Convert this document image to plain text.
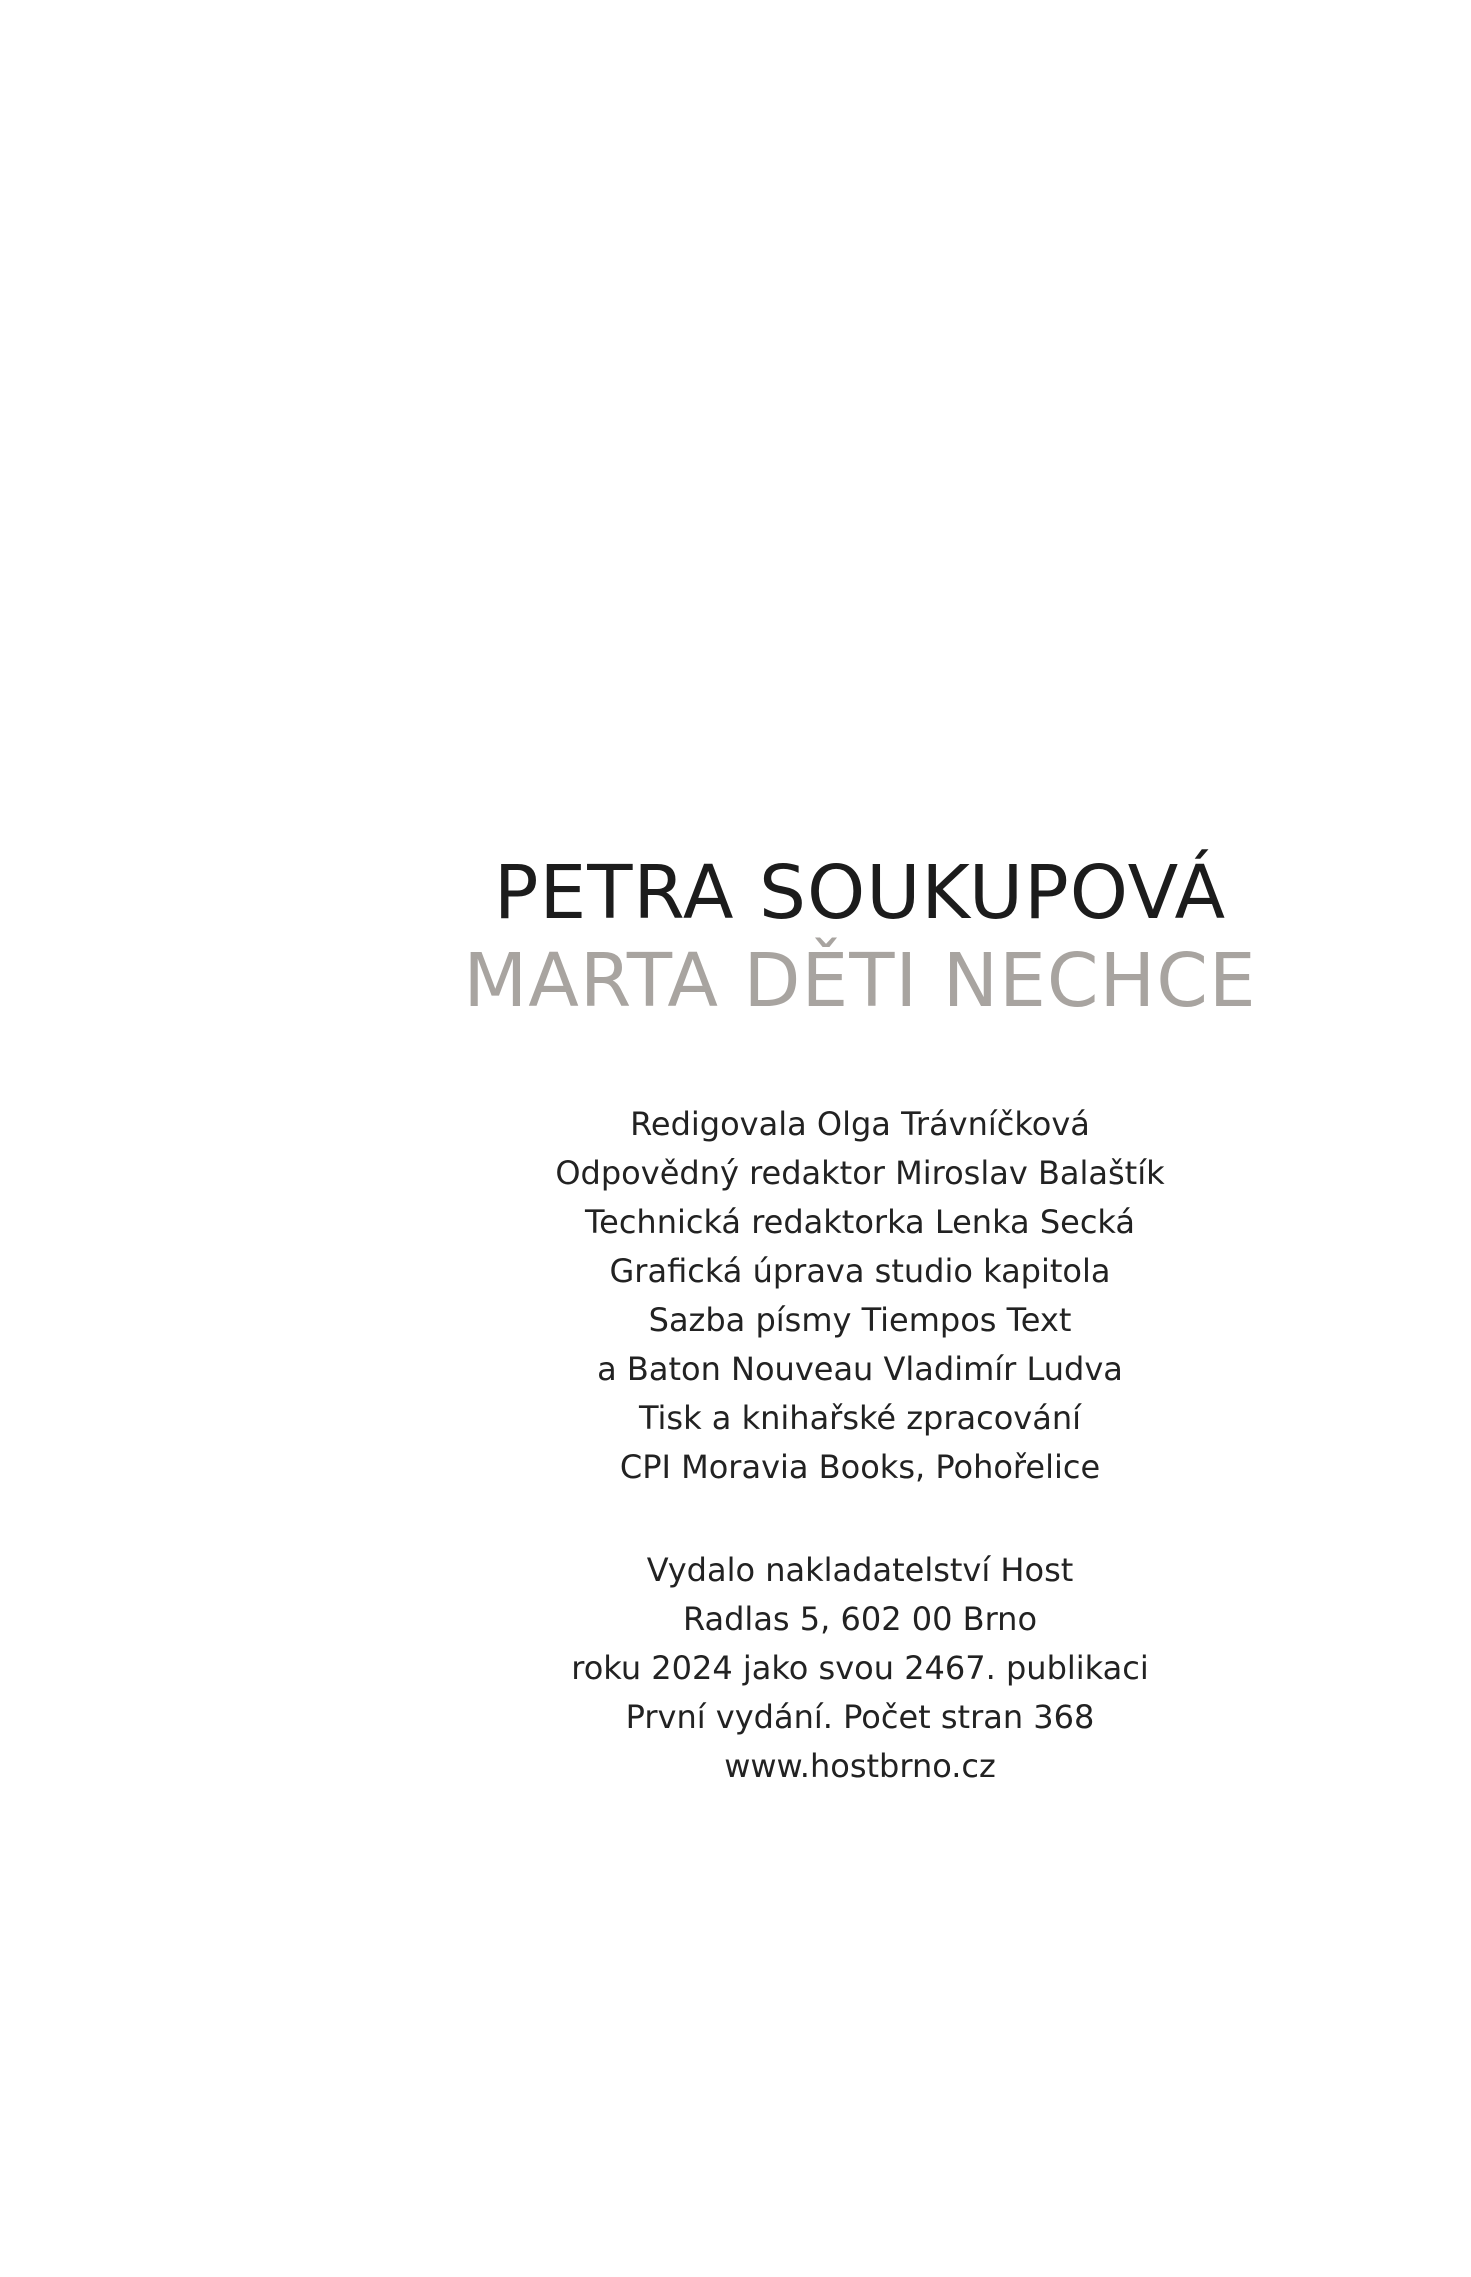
PETRA SOUKUPOVÁ
MARTA DĚTI NECHCE
Redigovala Olga Trávníčková
Odpovědný redaktor Miroslav Balaštík
Technická redaktorka Lenka Secká
Grafická úprava studio kapitola
Sazba písmy Tiempos Text
a Baton Nouveau Vladimír Ludva
Tisk a knihařské zpracování
CPI Moravia Books, Pohořelice
Vydalo nakladatelství Host
Radlas 5, 602 00 Brno
roku 2024 jako svou 2467. publikaci
První vydání. Počet stran 368
www.hostbrno.cz
